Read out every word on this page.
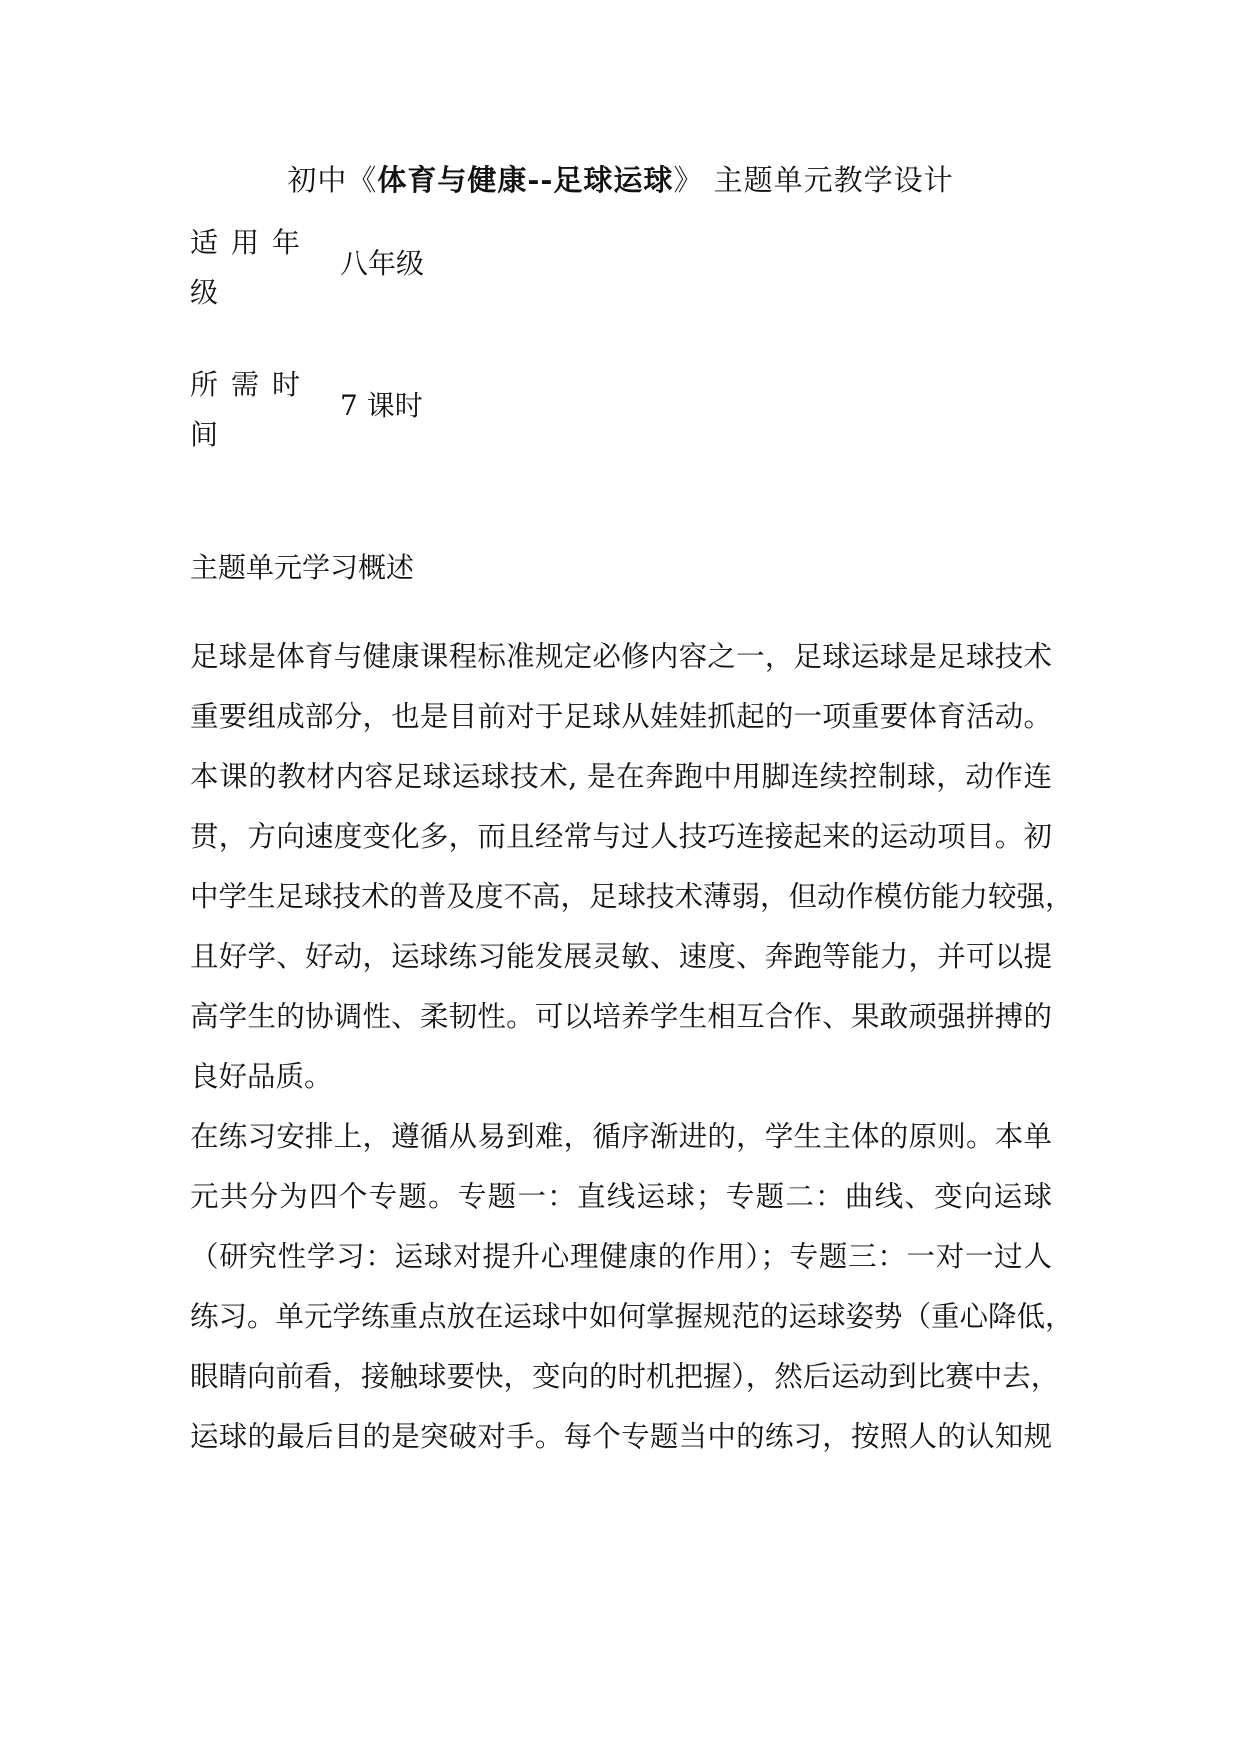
初中《体育与健康--足球运球》 主题单元教学设计
适 用 年
级
八年级
所 需 时
间
7 课时
主题单元学习概述
足球是体育与健康课程标准规定必修内容之一，足球运球是足球技术
重要组成部分，也是目前对于足球从娃娃抓起的一项重要体育活动。
本课的教材内容足球运球技术, 是在奔跑中用脚连续控制球，动作连
贯，方向速度变化多，而且经常与过人技巧连接起来的运动项目。初
中学生足球技术的普及度不高，足球技术薄弱，但动作模仿能力较强，
且好学、好动，运球练习能发展灵敏、速度、奔跑等能力，并可以提
高学生的协调性、柔韧性。可以培养学生相互合作、果敢顽强拼搏的
良好品质。
在练习安排上，遵循从易到难，循序渐进的，学生主体的原则。本单
元共分为四个专题。专题一：直线运球；专题二：曲线、变向运球
（研究性学习：运球对提升心理健康的作用）；专题三：一对一过人
练习。单元学练重点放在运球中如何掌握规范的运球姿势（重心降低，
眼睛向前看，接触球要快，变向的时机把握），然后运动到比赛中去，
运球的最后目的是突破对手。每个专题当中的练习，按照人的认知规
